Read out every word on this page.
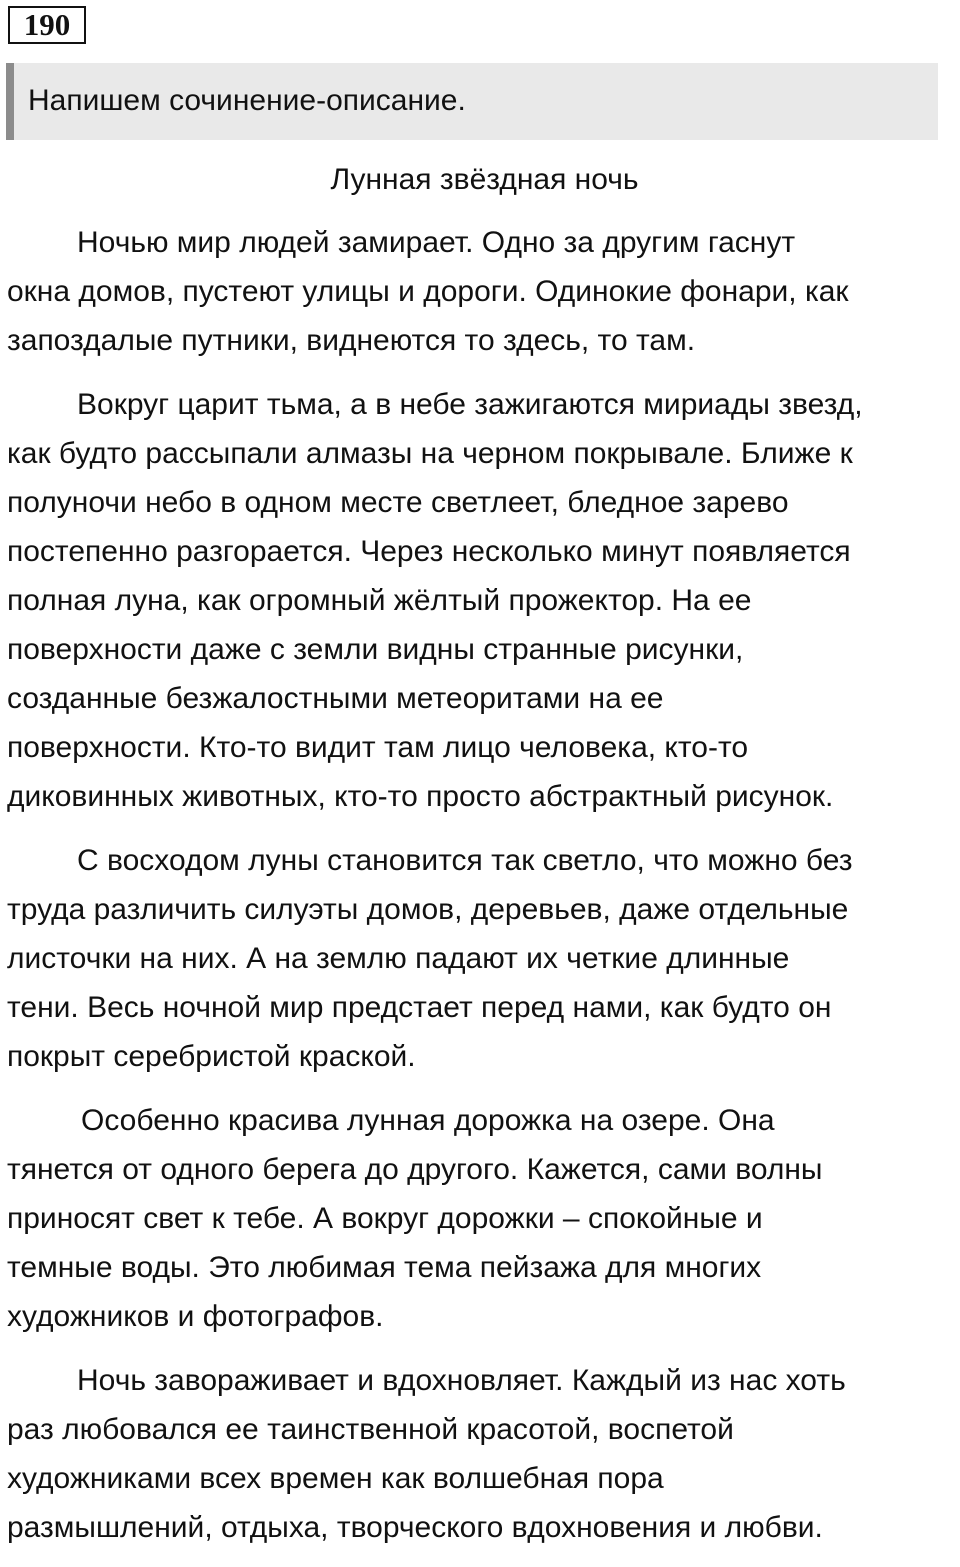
190
Напишем сочинение-описание.
Лунная звёздная ночь
Ночью мир людей замирает. Одно за другим гаснут
окна домов, пустеют улицы и дороги. Одинокие фонари, как
запоздалые путники, виднеются то здесь, то там.
Вокруг царит тьма, а в небе зажигаются мириады звезд,
как будто рассыпали алмазы на черном покрывале. Ближе к
полуночи небо в одном месте светлеет, бледное зарево
постепенно разгорается. Через несколько минут появляется
полная луна, как огромный жёлтый прожектор. На ее
поверхности даже с земли видны странные рисунки,
созданные безжалостными метеоритами на ее
поверхности. Кто-то видит там лицо человека, кто-то
диковинных животных, кто-то просто абстрактный рисунок.
С восходом луны становится так светло, что можно без
труда различить силуэты домов, деревьев, даже отдельные
листочки на них. А на землю падают их четкие длинные
тени. Весь ночной мир предстает перед нами, как будто он
покрыт серебристой краской.
Особенно красива лунная дорожка на озере. Она
тянется от одного берега до другого. Кажется, сами волны
приносят свет к тебе. А вокруг дорожки – спокойные и
темные воды. Это любимая тема пейзажа для многих
художников и фотографов.
Ночь завораживает и вдохновляет. Каждый из нас хоть
раз любовался ее таинственной красотой, воспетой
художниками всех времен как волшебная пора
размышлений, отдыха, творческого вдохновения и любви.
